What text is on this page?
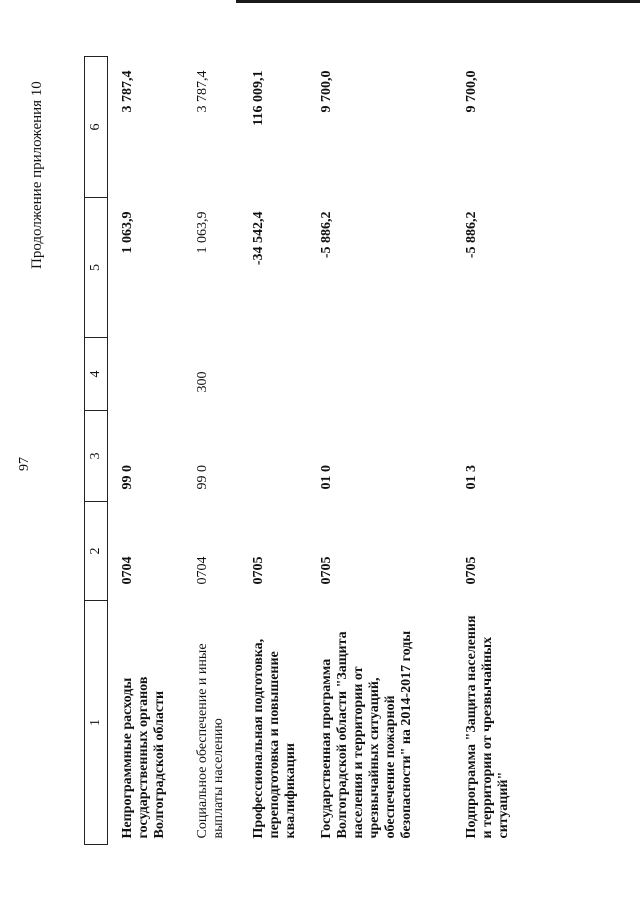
97
Продолжение приложения 10
1	2	3	4	5	6
Непрограммные расходы государственных органов Волгоградской области	0704	99 0		1 063,9	3 787,4
Социальное обеспечение и иные выплаты населению	0704	99 0	300	1 063,9	3 787,4
Профессиональная подготовка, переподготовка и повышение квалификации	0705			-34 542,4	116 009,1
Государственная программа Волгоградской области "Защита населения и территории от чрезвычайных ситуаций, обеспечение пожарной безопасности" на 2014-2017 годы	0705	01 0		-5 886,2	9 700,0
Подпрограмма "Защита населения и территории от чрезвычайных ситуаций"	0705	01 3		-5 886,2	9 700,0
